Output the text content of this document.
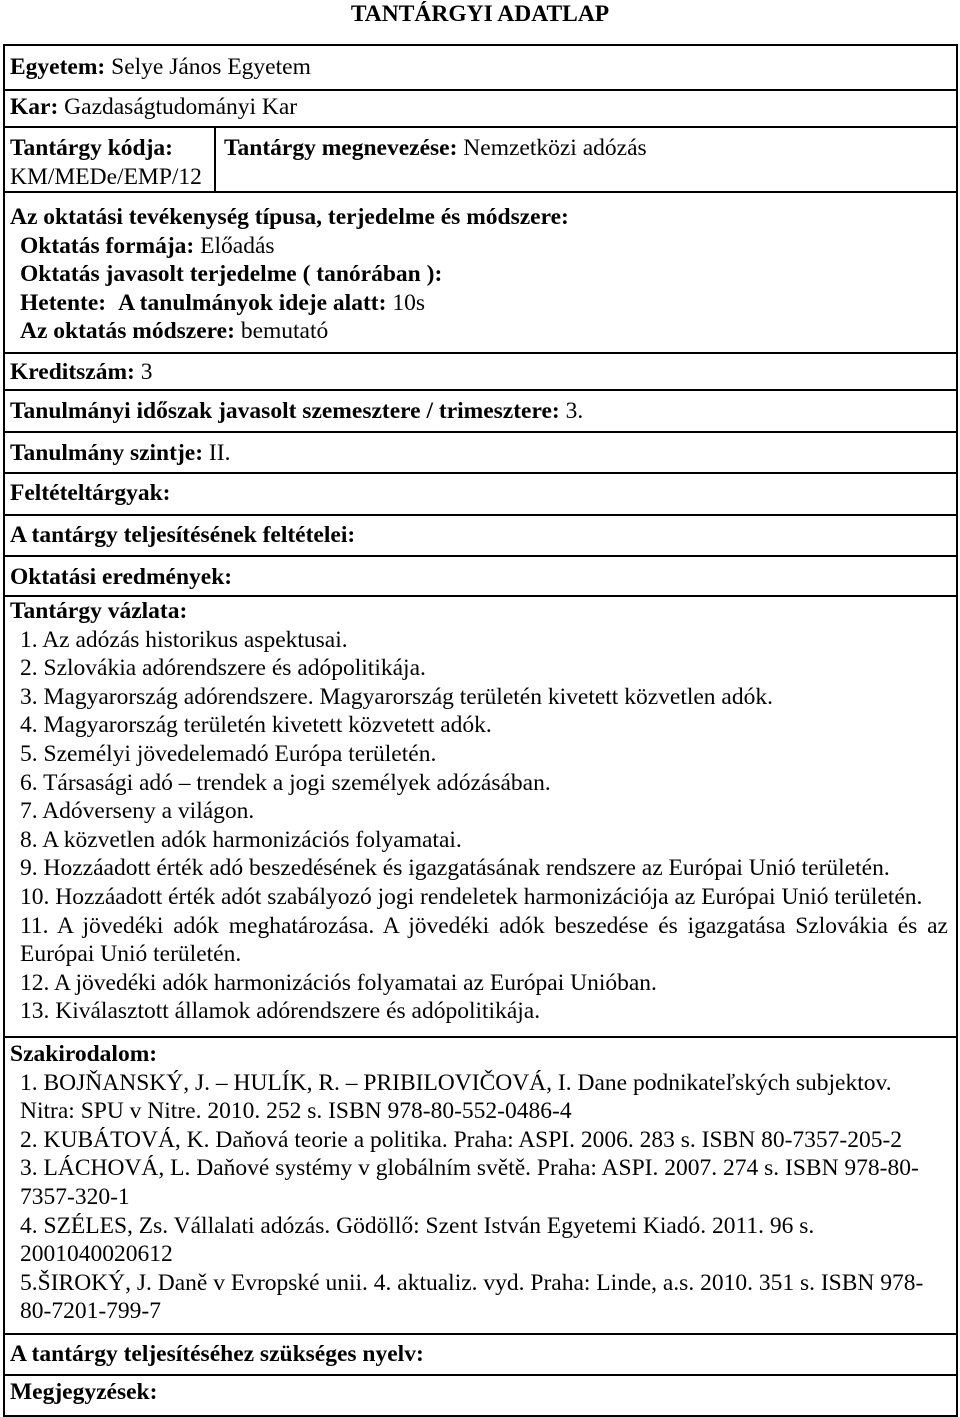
TANTÁRGYI ADATLAP
Egyetem: Selye János Egyetem
Kar: Gazdaságtudományi Kar
Tantárgy kódja:
KM/MEDe/EMP/12
Tantárgy megnevezése: Nemzetközi adózás
Az oktatási tevékenység típusa, terjedelme és módszere:
Oktatás formája: Előadás
Oktatás javasolt terjedelme ( tanórában ):
Hetente: A tanulmányok ideje alatt: 10s
Az oktatás módszere: bemutató
Kreditszám: 3
Tanulmányi időszak javasolt szemesztere / trimesztere: 3.
Tanulmány szintje: II.
Feltételtárgyak:
A tantárgy teljesítésének feltételei:
Oktatási eredmények:
Tantárgy vázlata:
1. Az adózás historikus aspektusai.
2. Szlovákia adórendszere és adópolitikája.
3. Magyarország adórendszere. Magyarország területén kivetett közvetlen adók.
4. Magyarország területén kivetett közvetett adók.
5. Személyi jövedelemadó Európa területén.
6. Társasági adó – trendek a jogi személyek adózásában.
7. Adóverseny a világon.
8. A közvetlen adók harmonizációs folyamatai.
9. Hozzáadott érték adó beszedésének és igazgatásának rendszere az Európai Unió területén.
10. Hozzáadott érték adót szabályozó jogi rendeletek harmonizációja az Európai Unió területén.
11. A jövedéki adók meghatározása. A jövedéki adók beszedése és igazgatása Szlovákia és az Európai Unió területén.
12. A jövedéki adók harmonizációs folyamatai az Európai Unióban.
13. Kiválasztott államok adórendszere és adópolitikája.
Szakirodalom:
1. BOJŇANSKÝ, J. – HULÍK, R. – PRIBILOVIČOVÁ, I. Dane podnikateľských subjektov. Nitra: SPU v Nitre. 2010. 252 s. ISBN 978-80-552-0486-4
2. KUBÁTOVÁ, K. Daňová teorie a politika. Praha: ASPI. 2006. 283 s. ISBN 80-7357-205-2
3. LÁCHOVÁ, L. Daňové systémy v globálním světě. Praha: ASPI. 2007. 274 s. ISBN 978-80-7357-320-1
4. SZÉLES, Zs. Vállalati adózás. Gödöllő: Szent István Egyetemi Kiadó. 2011. 96 s. 2001040020612
5.ŠIROKÝ, J. Daně v Evropské unii. 4. aktualiz. vyd. Praha: Linde, a.s. 2010. 351 s. ISBN 978-80-7201-799-7
A tantárgy teljesítéséhez szükséges nyelv:
Megjegyzések:
